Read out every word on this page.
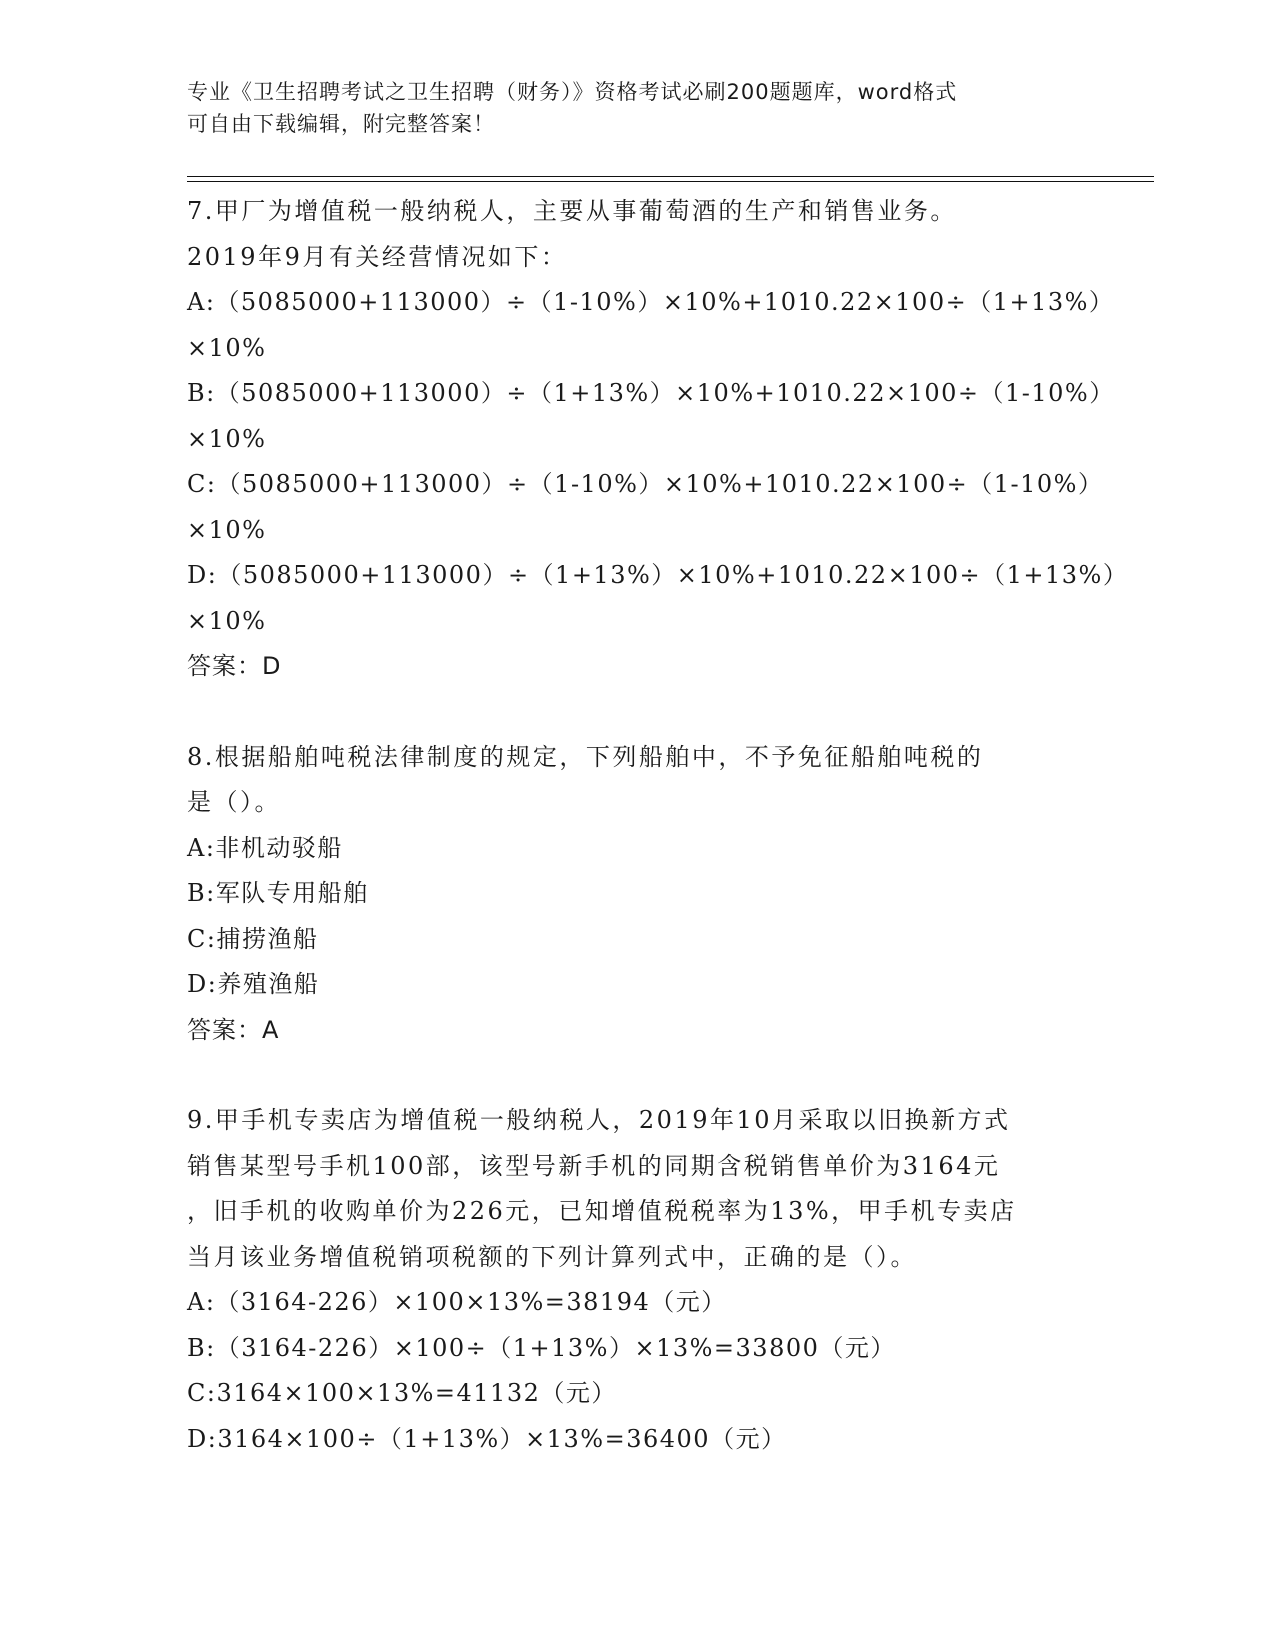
专业《卫生招聘考试之卫生招聘（财务）》资格考试必刷200题题库，word格式
可自由下载编辑，附完整答案！
7.甲厂为增值税一般纳税人，主要从事葡萄酒的生产和销售业务。
2019年9月有关经营情况如下：
A:（5085000+113000）÷（1-10%）×10%+1010.22×100÷（1+13%）
×10%
B:（5085000+113000）÷（1+13%）×10%+1010.22×100÷（1-10%）
×10%
C:（5085000+113000）÷（1-10%）×10%+1010.22×100÷（1-10%）
×10%
D:（5085000+113000）÷（1+13%）×10%+1010.22×100÷（1+13%）
×10%
答案：D
8.根据船舶吨税法律制度的规定，下列船舶中，不予免征船舶吨税的
是（）。
A:非机动驳船
B:军队专用船舶
C:捕捞渔船
D:养殖渔船
答案：A
9.甲手机专卖店为增值税一般纳税人，2019年10月采取以旧换新方式
销售某型号手机100部，该型号新手机的同期含税销售单价为3164元
，旧手机的收购单价为226元，已知增值税税率为13%，甲手机专卖店
当月该业务增值税销项税额的下列计算列式中，正确的是（）。
A:（3164-226）×100×13%=38194（元）
B:（3164-226）×100÷（1+13%）×13%=33800（元）
C:3164×100×13%=41132（元）
D:3164×100÷（1+13%）×13%=36400（元）
